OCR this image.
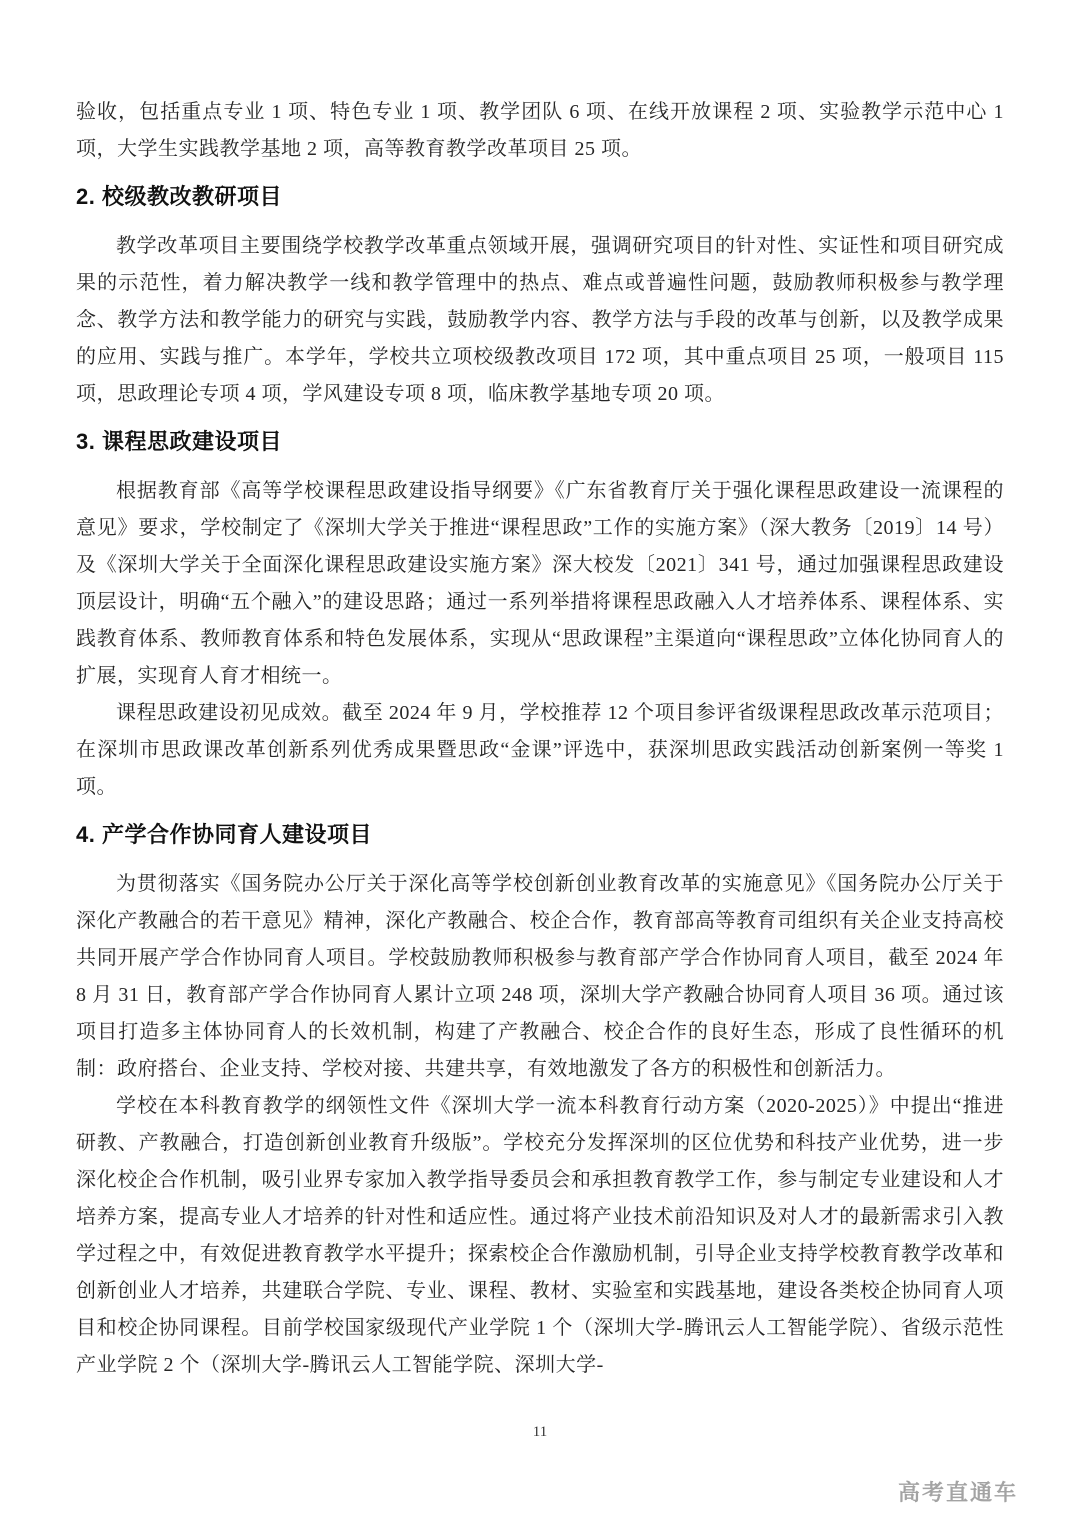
验收，包括重点专业 1 项、特色专业 1 项、教学团队 6 项、在线开放课程 2 项、实验教学示范中心 1 项，大学生实践教学基地 2 项，高等教育教学改革项目 25 项。

2. 校级教改教研项目

教学改革项目主要围绕学校教学改革重点领域开展，强调研究项目的针对性、实证性和项目研究成果的示范性，着力解决教学一线和教学管理中的热点、难点或普遍性问题，鼓励教师积极参与教学理念、教学方法和教学能力的研究与实践，鼓励教学内容、教学方法与手段的改革与创新，以及教学成果的应用、实践与推广。本学年，学校共立项校级教改项目 172 项，其中重点项目 25 项，一般项目 115 项，思政理论专项 4 项，学风建设专项 8 项，临床教学基地专项 20 项。

3. 课程思政建设项目

根据教育部《高等学校课程思政建设指导纲要》《广东省教育厅关于强化课程思政建设一流课程的意见》要求，学校制定了《深圳大学关于推进“课程思政”工作的实施方案》（深大教务〔2019〕14 号）及《深圳大学关于全面深化课程思政建设实施方案》深大校发〔2021〕341 号，通过加强课程思政建设顶层设计，明确“五个融入”的建设思路；通过一系列举措将课程思政融入人才培养体系、课程体系、实践教育体系、教师教育体系和特色发展体系，实现从“思政课程”主渠道向“课程思政”立体化协同育人的扩展，实现育人育才相统一。

课程思政建设初见成效。截至 2024 年 9 月，学校推荐 12 个项目参评省级课程思政改革示范项目；在深圳市思政课改革创新系列优秀成果暨思政“金课”评选中，获深圳思政实践活动创新案例一等奖 1 项。

4. 产学合作协同育人建设项目

为贯彻落实《国务院办公厅关于深化高等学校创新创业教育改革的实施意见》《国务院办公厅关于深化产教融合的若干意见》精神，深化产教融合、校企合作，教育部高等教育司组织有关企业支持高校共同开展产学合作协同育人项目。学校鼓励教师积极参与教育部产学合作协同育人项目，截至 2024 年 8 月 31 日，教育部产学合作协同育人累计立项 248 项，深圳大学产教融合协同育人项目 36 项。通过该项目打造多主体协同育人的长效机制，构建了产教融合、校企合作的良好生态，形成了良性循环的机制：政府搭台、企业支持、学校对接、共建共享，有效地激发了各方的积极性和创新活力。

学校在本科教育教学的纲领性文件《深圳大学一流本科教育行动方案（2020-2025）》中提出“推进研教、产教融合，打造创新创业教育升级版”。学校充分发挥深圳的区位优势和科技产业优势，进一步深化校企合作机制，吸引业界专家加入教学指导委员会和承担教育教学工作，参与制定专业建设和人才培养方案，提高专业人才培养的针对性和适应性。通过将产业技术前沿知识及对人才的最新需求引入教学过程之中，有效促进教育教学水平提升；探索校企合作激励机制，引导企业支持学校教育教学改革和创新创业人才培养，共建联合学院、专业、课程、教材、实验室和实践基地，建设各类校企协同育人项目和校企协同课程。目前学校国家级现代产业学院 1 个（深圳大学-腾讯云人工智能学院）、省级示范性产业学院 2 个（深圳大学-腾讯云人工智能学院、深圳大学-

11
高考直通车
